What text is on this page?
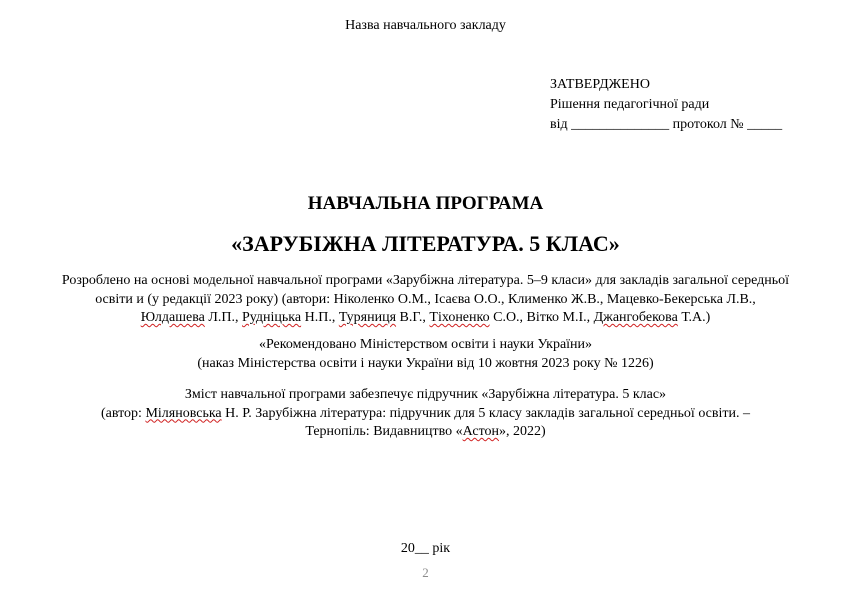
Назва навчального закладу
ЗАТВЕРДЖЕНО
Рішення педагогічної ради
від ______________ протокол № _____
НАВЧАЛЬНА ПРОГРАМА
«ЗАРУБІЖНА ЛІТЕРАТУРА. 5 КЛАС»
Розроблено на основі модельної навчальної програми «Зарубіжна література. 5–9 класи» для закладів загальної середньої
освіти и (у редакції 2023 року) (автори: Ніколенко О.М., Ісаєва О.О., Клименко Ж.В., Мацевко-Бекерська Л.В.,
Юлдашева Л.П., Рудніцька Н.П., Туряниця В.Г., Тіхоненко С.О., Вітко М.І., Джангобекова Т.А.)
«Рекомендовано Міністерством освіти і науки України»
(наказ Міністерства освіти і науки України від 10 жовтня 2023 року № 1226)
Зміст навчальної програми забезпечує підручник «Зарубіжна література. 5 клас»
(автор: Міляновська Н. Р. Зарубіжна література: підручник для 5 класу закладів загальної середньої освіти. –
Тернопіль: Видавництво «Астон», 2022)
20__ рік
2
